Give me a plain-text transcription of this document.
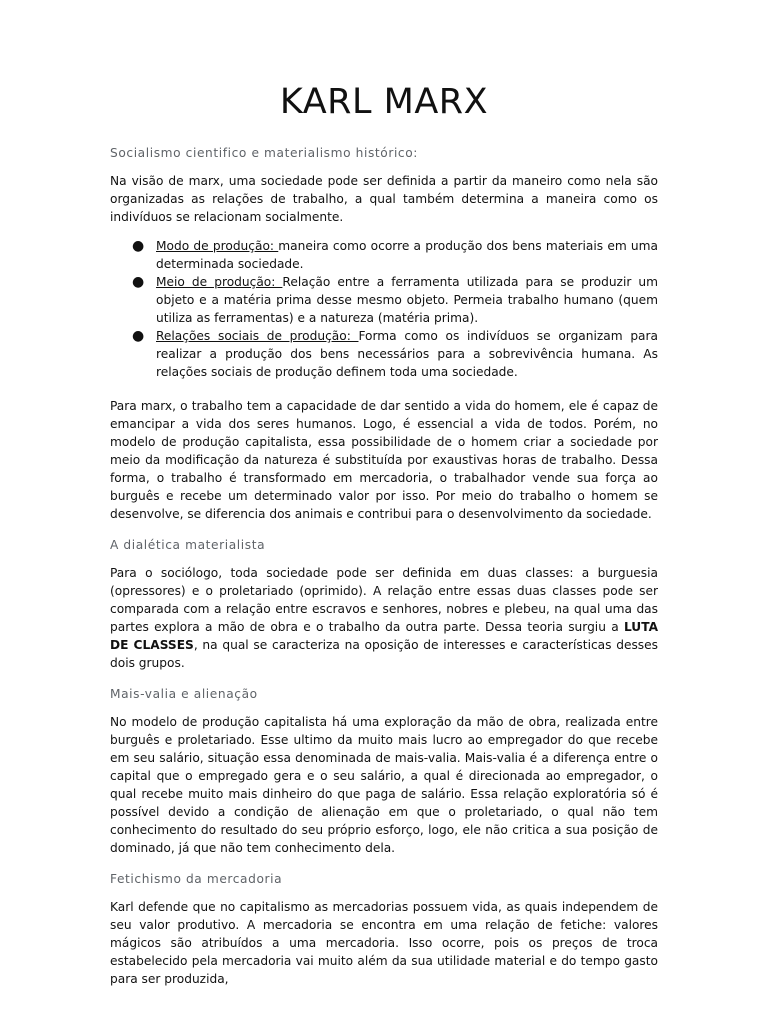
KARL MARX
Socialismo cientifico e materialismo histórico:

Na visão de marx, uma sociedade pode ser definida a partir da maneiro como nela são organizadas as relações de trabalho, a qual também determina a maneira como os indivíduos se relacionam socialmente.

● Modo de produção: maneira como ocorre a produção dos bens materiais em uma determinada sociedade.
● Meio de produção: Relação entre a ferramenta utilizada para se produzir um objeto e a matéria prima desse mesmo objeto. Permeia trabalho humano (quem utiliza as ferramentas) e a natureza (matéria prima).
● Relações sociais de produção: Forma como os indivíduos se organizam para realizar a produção dos bens necessários para a sobrevivência humana. As relações sociais de produção definem toda uma sociedade.

Para marx, o trabalho tem a capacidade de dar sentido a vida do homem, ele é capaz de emancipar a vida dos seres humanos. Logo, é essencial a vida de todos. Porém, no modelo de produção capitalista, essa possibilidade de o homem criar a sociedade por meio da modificação da natureza é substituída por exaustivas horas de trabalho. Dessa forma, o trabalho é transformado em mercadoria, o trabalhador vende sua força ao burguês e recebe um determinado valor por isso. Por meio do trabalho o homem se desenvolve, se diferencia dos animais e contribui para o desenvolvimento da sociedade.

A dialética materialista

Para o sociólogo, toda sociedade pode ser definida em duas classes: a burguesia (opressores) e o proletariado (oprimido). A relação entre essas duas classes pode ser comparada com a relação entre escravos e senhores, nobres e plebeu, na qual uma das partes explora a mão de obra e o trabalho da outra parte. Dessa teoria surgiu a LUTA DE CLASSES, na qual se caracteriza na oposição de interesses e características desses dois grupos.

Mais-valia e alienação

No modelo de produção capitalista há uma exploração da mão de obra, realizada entre burguês e proletariado. Esse ultimo da muito mais lucro ao empregador do que recebe em seu salário, situação essa denominada de mais-valia. Mais-valia é a diferença entre o capital que o empregado gera e o seu salário, a qual é direcionada ao empregador, o qual recebe muito mais dinheiro do que paga de salário. Essa relação exploratória só é possível devido a condição de alienação em que o proletariado, o qual não tem conhecimento do resultado do seu próprio esforço, logo, ele não critica a sua posição de dominado, já que não tem conhecimento dela.

Fetichismo da mercadoria

Karl defende que no capitalismo as mercadorias possuem vida, as quais independem de seu valor produtivo. A mercadoria se encontra em uma relação de fetiche: valores mágicos são atribuídos a uma mercadoria. Isso ocorre, pois os preços de troca estabelecido pela mercadoria vai muito além da sua utilidade material e do tempo gasto para ser produzida,
